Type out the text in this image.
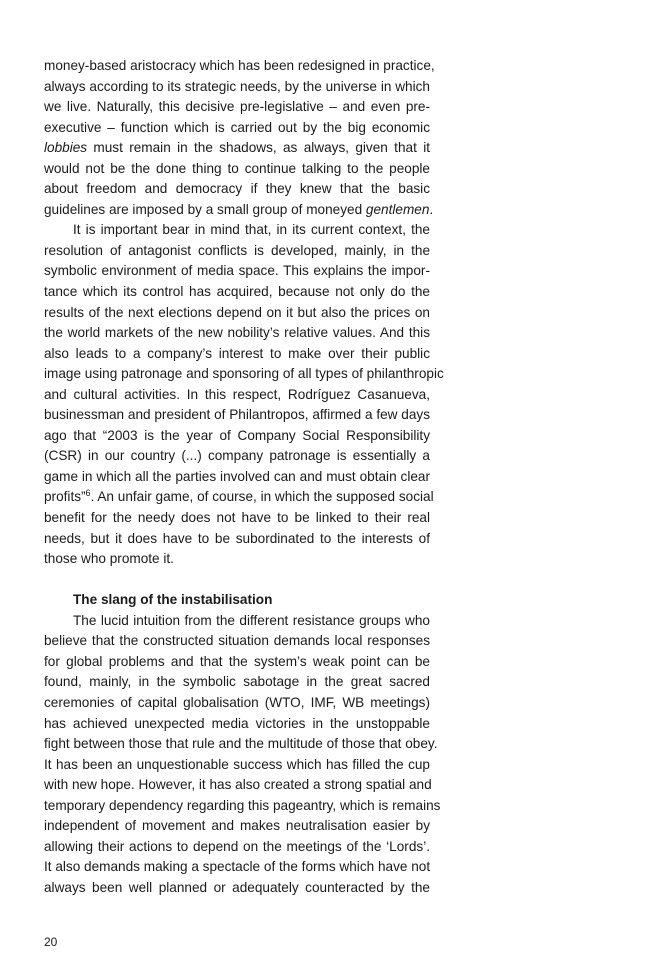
money-based aristocracy which has been redesigned in practice,
always according to its strategic needs, by the universe in which
we live. Naturally, this decisive pre-legislative – and even pre-
executive – function which is carried out by the big economic
lobbies must remain in the shadows, as always, given that it
would not be the done thing to continue talking to the people
about freedom and democracy if they knew that the basic
guidelines are imposed by a small group of moneyed gentlemen.
It is important bear in mind that, in its current context, the
resolution of antagonist conflicts is developed, mainly, in the
symbolic environment of media space. This explains the impor-
tance which its control has acquired, because not only do the
results of the next elections depend on it but also the prices on
the world markets of the new nobility’s relative values. And this
also leads to a company’s interest to make over their public
image using patronage and sponsoring of all types of philanthropic
and cultural activities. In this respect, Rodríguez Casanueva,
businessman and president of Philantropos, affirmed a few days
ago that “2003 is the year of Company Social Responsibility
(CSR) in our country (...) company patronage is essentially a
game in which all the parties involved can and must obtain clear
profits”$^6$. An unfair game, of course, in which the supposed social
benefit for the needy does not have to be linked to their real
needs, but it does have to be subordinated to the interests of
those who promote it.
The slang of the instabilisation
The lucid intuition from the different resistance groups who
believe that the constructed situation demands local responses
for global problems and that the system’s weak point can be
found, mainly, in the symbolic sabotage in the great sacred
ceremonies of capital globalisation (WTO, IMF, WB meetings)
has achieved unexpected media victories in the unstoppable
fight between those that rule and the multitude of those that obey.
It has been an unquestionable success which has filled the cup
with new hope. However, it has also created a strong spatial and
temporary dependency regarding this pageantry, which is remains
independent of movement and makes neutralisation easier by
allowing their actions to depend on the meetings of the ‘Lords’.
It also demands making a spectacle of the forms which have not
always been well planned or adequately counteracted by the
20
